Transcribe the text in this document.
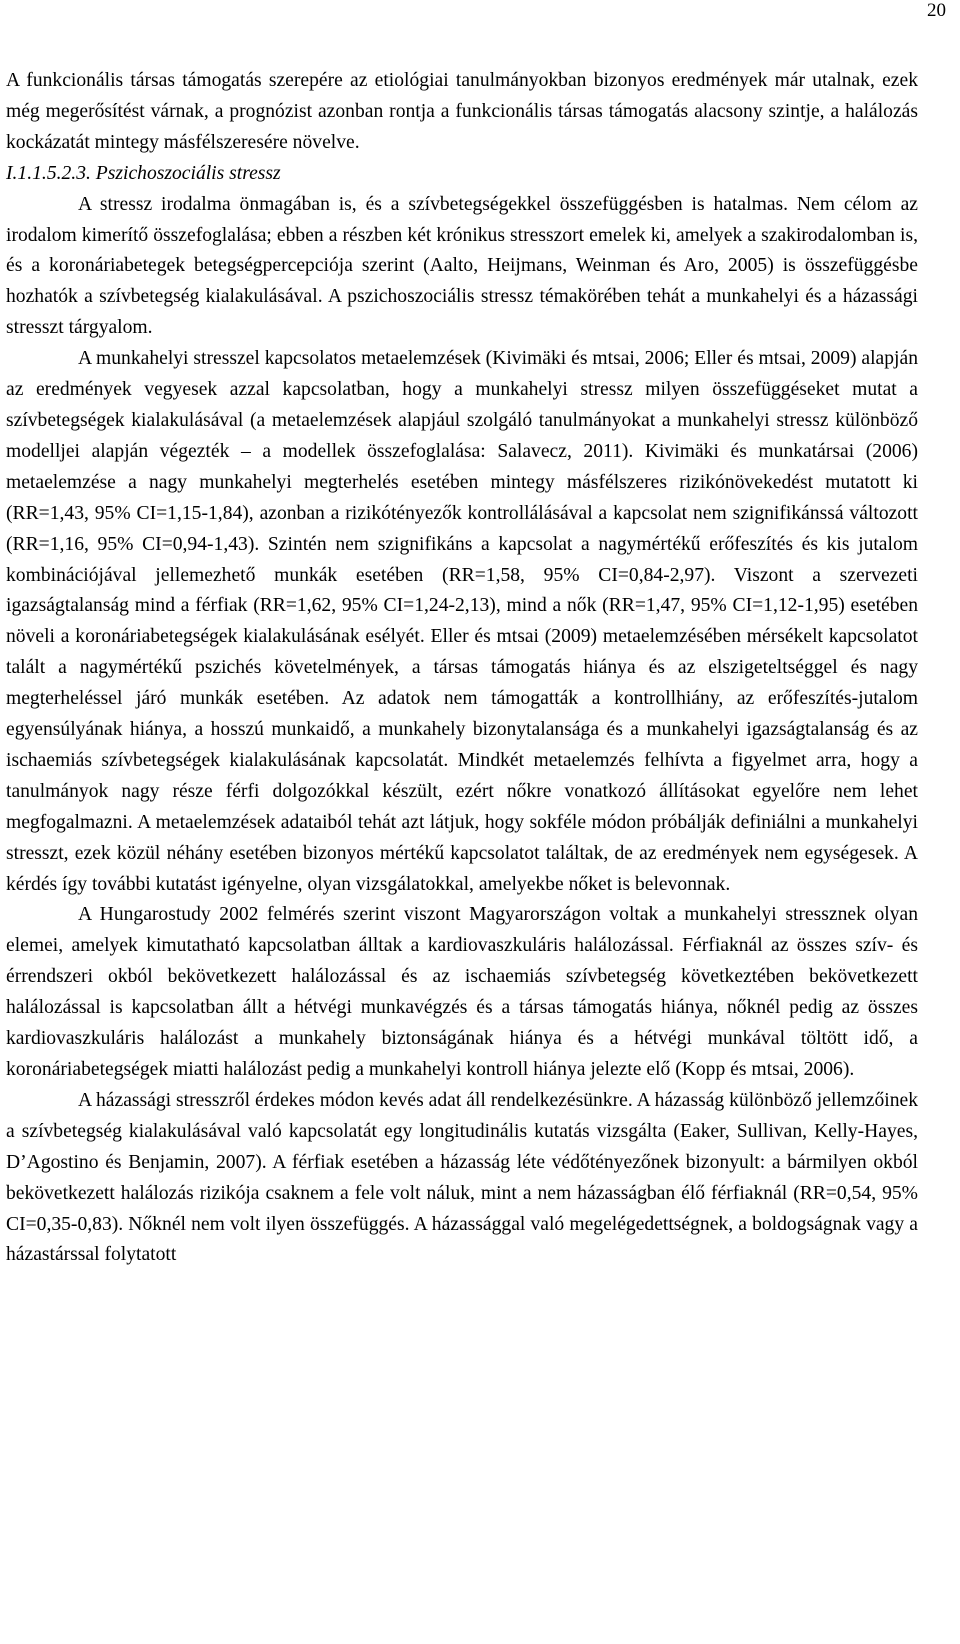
20

A funkcionális társas támogatás szerepére az etiológiai tanulmányokban bizonyos eredmények már utalnak, ezek még megerősítést várnak, a prognózist azonban rontja a funkcionális társas támogatás alacsony szintje, a halálozás kockázatát mintegy másfélszeresére növelve.

I.1.1.5.2.3. Pszichoszociális stressz

A stressz irodalma önmagában is, és a szívbetegségekkel összefüggésben is hatalmas. Nem célom az irodalom kimerítő összefoglalása; ebben a részben két krónikus stresszort emelek ki, amelyek a szakirodalomban is, és a koronáriabetegek betegségpercepciója szerint (Aalto, Heijmans, Weinman és Aro, 2005) is összefüggésbe hozhatók a szívbetegség kialakulásával. A pszichoszociális stressz témakörében tehát a munkahelyi és a házassági stresszt tárgyalom.

A munkahelyi stresszel kapcsolatos metaelemzések (Kivimäki és mtsai, 2006; Eller és mtsai, 2009) alapján az eredmények vegyesek azzal kapcsolatban, hogy a munkahelyi stressz milyen összefüggéseket mutat a szívbetegségek kialakulásával (a metaelemzések alapjául szolgáló tanulmányokat a munkahelyi stressz különböző modelljei alapján végezték – a modellek összefoglalása: Salavecz, 2011). Kivimäki és munkatársai (2006) metaelemzése a nagy munkahelyi megterhelés esetében mintegy másfélszeres rizikónövekedést mutatott ki (RR=1,43, 95% CI=1,15-1,84), azonban a rizikótényezők kontrollálásával a kapcsolat nem szignifikánssá változott (RR=1,16, 95% CI=0,94-1,43). Szintén nem szignifikáns a kapcsolat a nagymértékű erőfeszítés és kis jutalom kombinációjával jellemezhető munkák esetében (RR=1,58, 95% CI=0,84-2,97). Viszont a szervezeti igazságtalanság mind a férfiak (RR=1,62, 95% CI=1,24-2,13), mind a nők (RR=1,47, 95% CI=1,12-1,95) esetében növeli a koronáriabetegségek kialakulásának esélyét. Eller és mtsai (2009) metaelemzésében mérsékelt kapcsolatot talált a nagymértékű pszichés követelmények, a társas támogatás hiánya és az elszigeteltséggel és nagy megterheléssel járó munkák esetében. Az adatok nem támogatták a kontrollhiány, az erőfeszítés-jutalom egyensúlyának hiánya, a hosszú munkaidő, a munkahely bizonytalansága és a munkahelyi igazságtalanság és az ischaemiás szívbetegségek kialakulásának kapcsolatát. Mindkét metaelemzés felhívta a figyelmet arra, hogy a tanulmányok nagy része férfi dolgozókkal készült, ezért nőkre vonatkozó állításokat egyelőre nem lehet megfogalmazni. A metaelemzések adataiból tehát azt látjuk, hogy sokféle módon próbálják definiálni a munkahelyi stresszt, ezek közül néhány esetében bizonyos mértékű kapcsolatot találtak, de az eredmények nem egységesek. A kérdés így további kutatást igényelne, olyan vizsgálatokkal, amelyekbe nőket is belevonnak.

A Hungarostudy 2002 felmérés szerint viszont Magyarországon voltak a munkahelyi stressznek olyan elemei, amelyek kimutatható kapcsolatban álltak a kardiovaszkuláris halálozással. Férfiaknál az összes szív- és érrendszeri okból bekövetkezett halálozással és az ischaemiás szívbetegség következtében bekövetkezett halálozással is kapcsolatban állt a hétvégi munkavégzés és a társas támogatás hiánya, nőknél pedig az összes kardiovaszkuláris halálozást a munkahely biztonságának hiánya és a hétvégi munkával töltött idő, a koronáriabetegségek miatti halálozást pedig a munkahelyi kontroll hiánya jelezte elő (Kopp és mtsai, 2006).

A házassági stresszről érdekes módon kevés adat áll rendelkezésünkre. A házasság különböző jellemzőinek a szívbetegség kialakulásával való kapcsolatát egy longitudinális kutatás vizsgálta (Eaker, Sullivan, Kelly-Hayes, D’Agostino és Benjamin, 2007). A férfiak esetében a házasság léte védőtényezőnek bizonyult: a bármilyen okból bekövetkezett halálozás rizikója csaknem a fele volt náluk, mint a nem házasságban élő férfiaknál (RR=0,54, 95% CI=0,35-0,83). Nőknél nem volt ilyen összefüggés. A házassággal való megelégedettségnek, a boldogságnak vagy a házastárssal folytatott
